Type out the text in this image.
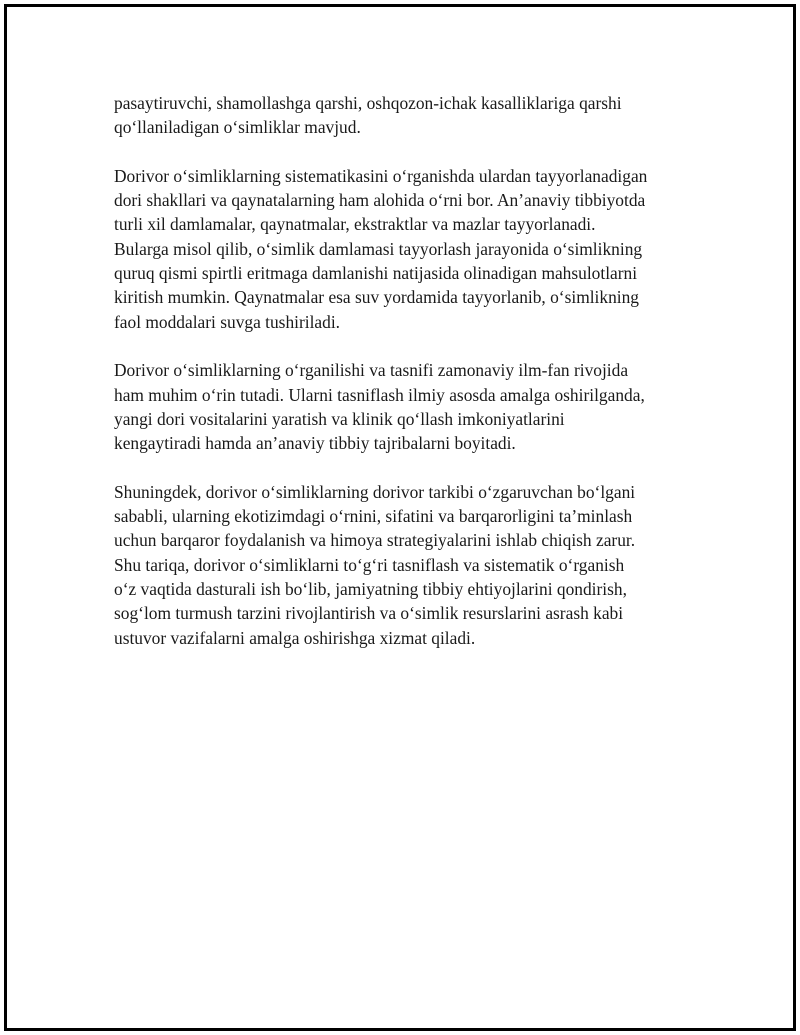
pasaytiruvchi, shamollashga qarshi, oshqozon-ichak kasalliklariga qarshi
qo‘llaniladigan o‘simliklar mavjud.

Dorivor o‘simliklarning sistematikasini o‘rganishda ulardan tayyorlanadigan
dori shakllari va qaynatalarning ham alohida o‘rni bor. An’anaviy tibbiyotda
turli xil damlamalar, qaynatmalar, ekstraktlar va mazlar tayyorlanadi.
Bularga misol qilib, o‘simlik damlamasi tayyorlash jarayonida o‘simlikning
quruq qismi spirtli eritmaga damlanishi natijasida olinadigan mahsulotlarni
kiritish mumkin. Qaynatmalar esa suv yordamida tayyorlanib, o‘simlikning
faol moddalari suvga tushiriladi.

Dorivor o‘simliklarning o‘rganilishi va tasnifi zamonaviy ilm-fan rivojida
ham muhim o‘rin tutadi. Ularni tasniflash ilmiy asosda amalga oshirilganda,
yangi dori vositalarini yaratish va klinik qo‘llash imkoniyatlarini
kengaytiradi hamda an’anaviy tibbiy tajribalarni boyitadi.

Shuningdek, dorivor o‘simliklarning dorivor tarkibi o‘zgaruvchan bo‘lgani
sababli, ularning ekotizimdagi o‘rnini, sifatini va barqarorligini ta’minlash
uchun barqaror foydalanish va himoya strategiyalarini ishlab chiqish zarur.
Shu tariqa, dorivor o‘simliklarni to‘g‘ri tasniflash va sistematik o‘rganish
o‘z vaqtida dasturali ish bo‘lib, jamiyatning tibbiy ehtiyojlarini qondirish,
sog‘lom turmush tarzini rivojlantirish va o‘simlik resurslarini asrash kabi
ustuvor vazifalarni amalga oshirishga xizmat qiladi.
